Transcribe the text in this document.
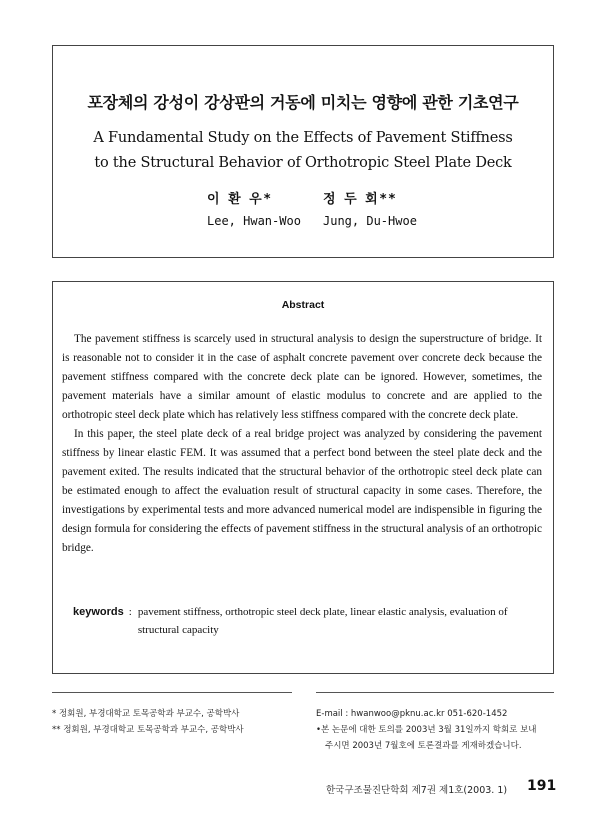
포장체의 강성이 강상판의 거동에 미치는 영향에 관한 기초연구
A Fundamental Study on the Effects of Pavement Stiffness
to the Structural Behavior of Orthotropic Steel Plate Deck
이 환 우*	정 두 회**
Lee, Hwan-Woo Jung, Du-Hwoe
Abstract

The pavement stiffness is scarcely used in structural analysis to design the superstructure of bridge. It is reasonable not to consider it in the case of asphalt concrete pavement over concrete deck because the pavement stiffness compared with the concrete deck plate can be ignored. However, sometimes, the pavement materials have a similar amount of elastic modulus to concrete and are applied to the orthotropic steel deck plate which has relatively less stiffness compared with the concrete deck plate.

In this paper, the steel plate deck of a real bridge project was analyzed by considering the pavement stiffness by linear elastic FEM. It was assumed that a perfect bond between the steel plate deck and the pavement exited. The results indicated that the structural behavior of the orthotropic steel deck plate can be estimated enough to affect the evaluation result of structural capacity in some cases. Therefore, the investigations by experimental tests and more advanced numerical model are indispensible in figuring the design formula for considering the effects of pavement stiffness in the structural analysis of an orthotropic bridge.

keywords : pavement stiffness, orthotropic steel deck plate, linear elastic analysis, evaluation of structural capacity
* 정회원, 부경대학교 토목공학과 부교수, 공학박사
** 정회원, 부경대학교 토목공학과 부교수, 공학박사
E-mail : hwanwoo@pknu.ac.kr 051-620-1452
•본 논문에 대한 토의를 2003년 3월 31일까지 학회로 보내
주시면 2003년 7월호에 토론결과를 게재하겠습니다.
한국구조물진단학회 제7권 제1호(2003. 1) 191
